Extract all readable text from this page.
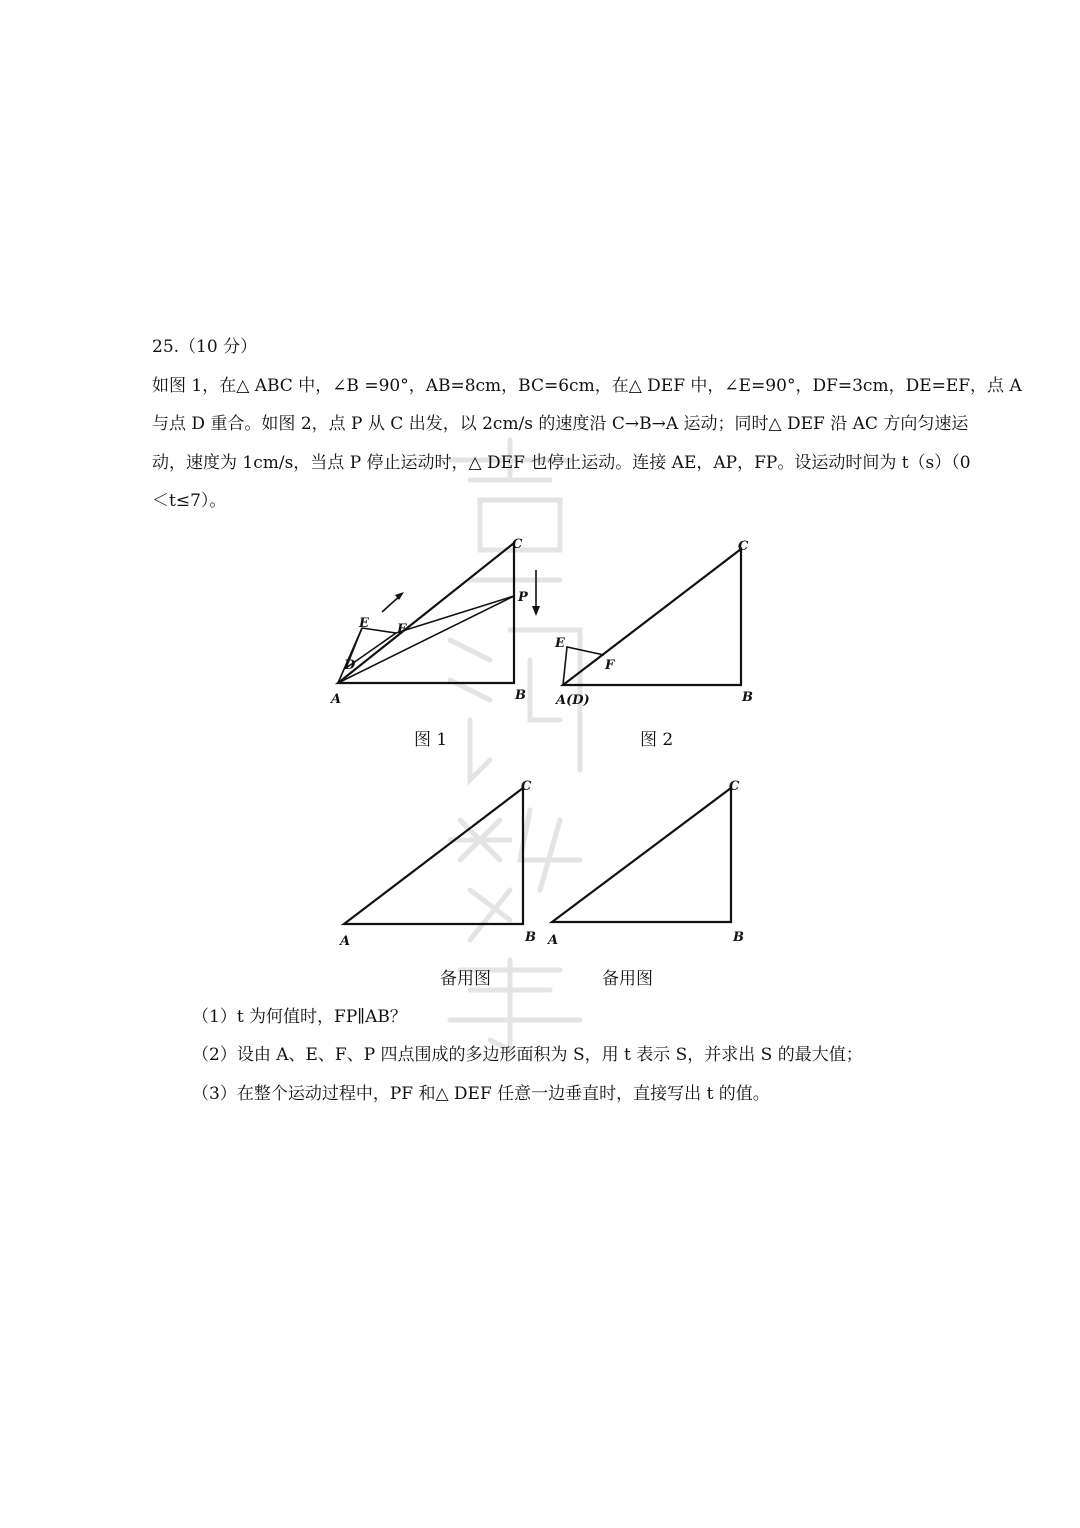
25.（10 分）
如图 1，在△ ABC 中，∠B =90°，AB=8cm，BC=6cm，在△ DEF 中，∠E=90°，DF=3cm，DE=EF，点 A
与点 D 重合。如图 2，点 P 从 C 出发，以 2cm/s 的速度沿 C→B→A 运动；同时△ DEF 沿 AC 方向匀速运
动，速度为 1cm/s，当点 P 停止运动时，△ DEF 也停止运动。连接 AE，AP，FP。设运动时间为 t（s）（0
＜t≤7）。
A	B
C
D
E F
P
A(D)	B
C
E
F
A	B
C
A	B
C
图 1	图 2
备用图	备用图
（1）t 为何值时，FP∥AB？
（2）设由 A、E、F、P 四点围成的多边形面积为 S，用 t 表示 S，并求出 S 的最大值；
（3）在整个运动过程中，PF 和△ DEF 任意一边垂直时，直接写出 t 的值。
